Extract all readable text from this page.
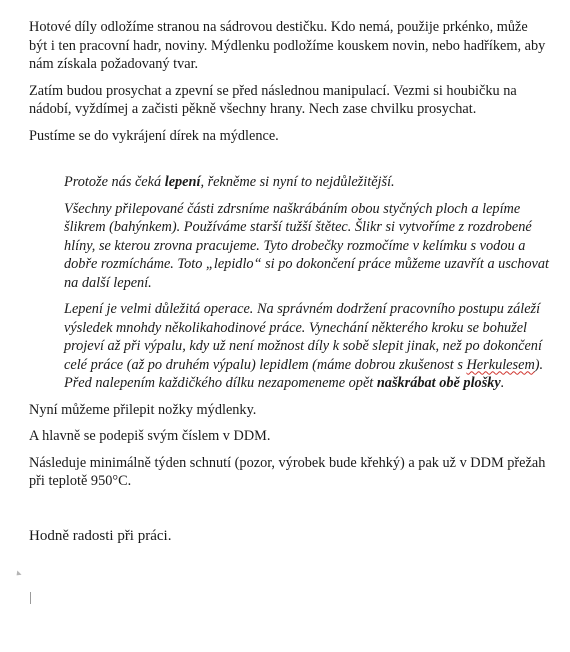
Hotové díly odložíme stranou na sádrovou destičku. Kdo nemá, použije prkénko, může být i ten pracovní hadr, noviny. Mýdlenku podložíme kouskem novin, nebo hadříkem, aby nám získala požadovaný tvar.

Zatím budou prosychat a zpevní se před následnou manipulací. Vezmi si houbičku na nádobí, vyždímej a začisti pěkně všechny hrany. Nech zase chvilku prosychat.

Pustíme se do vykrájení dírek na mýdlence.

Protože nás čeká lepení, řekněme si nyní to nejdůležitější.

Všechny přilepované části zdrsníme naškrábáním obou styčných ploch a lepíme šlikrem (bahýnkem). Používáme starší tužší štětec. Šlikr si vytvoříme z rozdrobené hlíny, se kterou zrovna pracujeme. Tyto drobečky rozmočíme v kelímku s vodou a dobře rozmícháme. Toto „lepidlo“ si po dokončení práce můžeme uzavřít a uschovat na další lepení.

Lepení je velmi důležitá operace. Na správném dodržení pracovního postupu záleží výsledek mnohdy několikahodinové práce. Vynechání některého kroku se bohužel projeví až při výpalu, kdy už není možnost díly k sobě slepit jinak, než po dokončení celé práce (až po druhém výpalu) lepidlem (máme dobrou zkušenost s Herkulesem). Před nalepením každičkého dílku nezapomeneme opět naškrábat obě plošky.

Nyní můžeme přilepit nožky mýdlenky.

A hlavně se podepiš svým číslem v DDM.

Následuje minimálně týden schnutí (pozor, výrobek bude křehký) a pak už v DDM přežah při teplotě 950°C.

Hodně radosti při práci.
